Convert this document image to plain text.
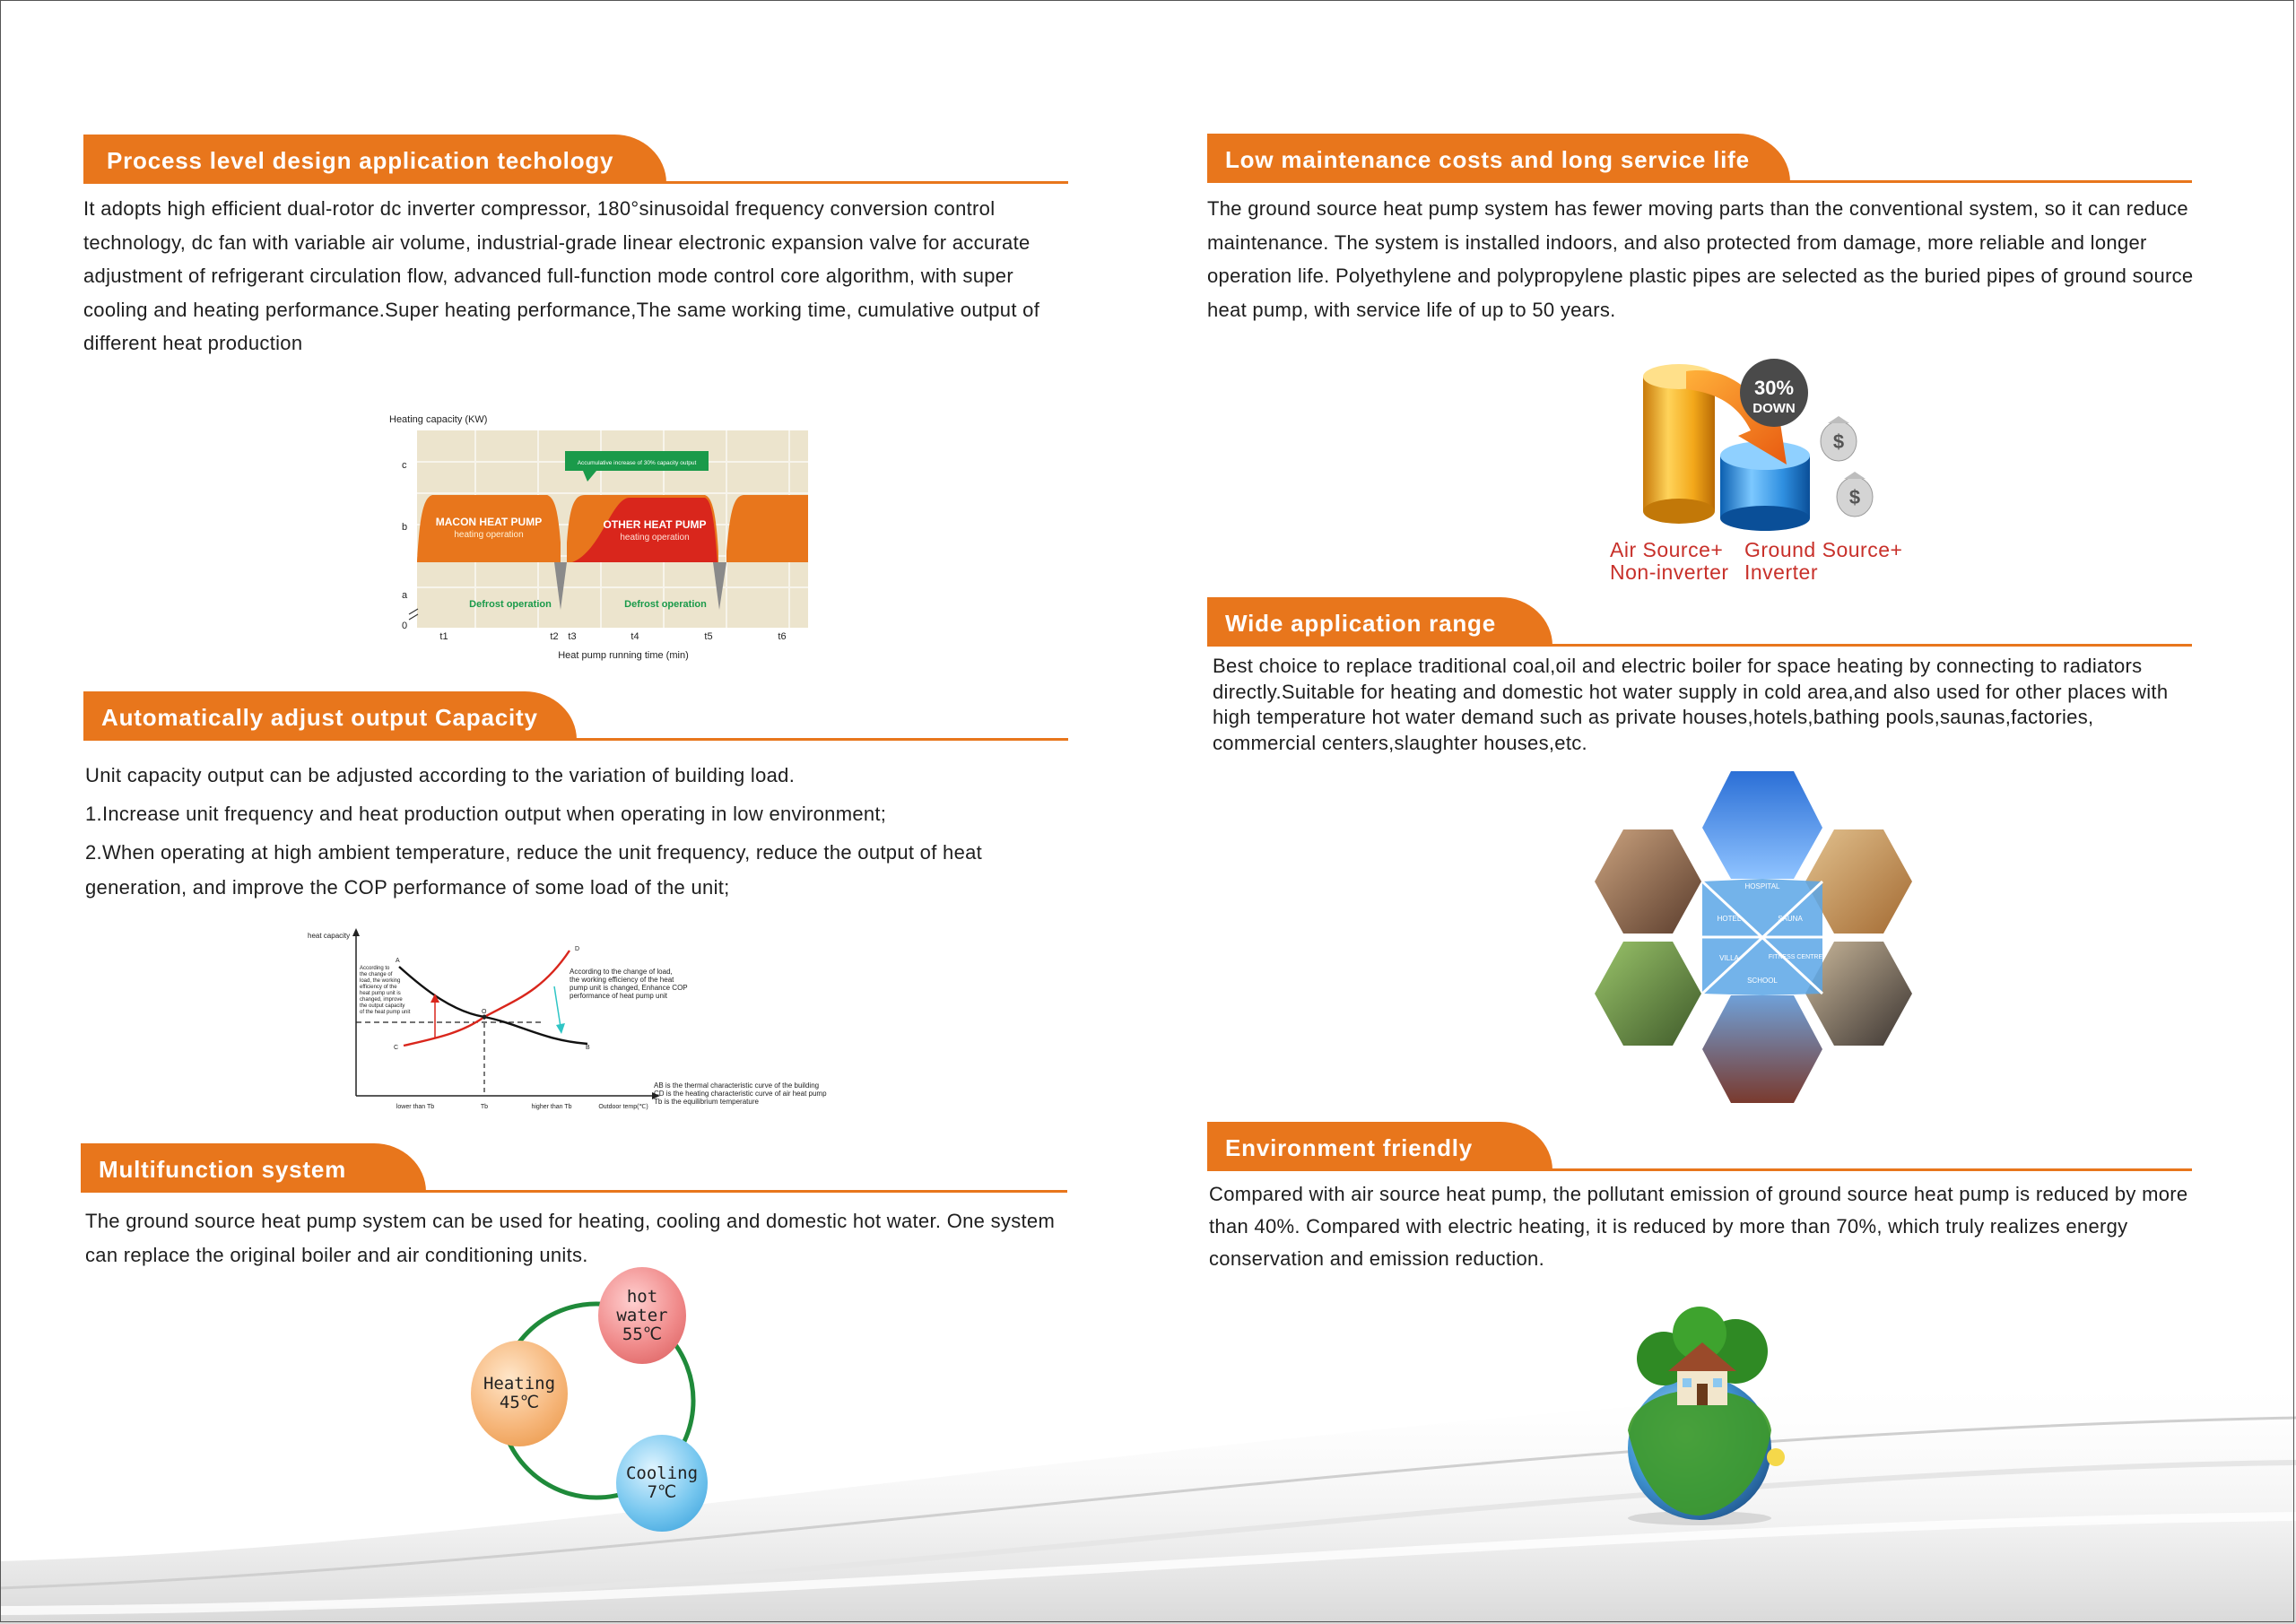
Process level design application techology

It adopts high efficient dual-rotor dc inverter compressor, 180°sinusoidal frequency conversion control technology, dc fan with variable air volume, industrial-grade linear electronic expansion valve for accurate adjustment of refrigerant circulation flow, advanced full-function mode control core algorithm, with super cooling and heating performance.Super heating performance,The same working time, cumulative output of different heat production

Heating capacity (KW)
c
b
a
0
Accumulative increase of 30% capacity output
MACON HEAT PUMP
heating operation
OTHER HEAT PUMP
heating operation
Defrost operation	Defrost operation
t1	t2 t3	t4	t5	t6
Heat pump running time (min)
Automatically adjust output Capacity

Unit capacity output can be adjusted according to the variation of building load.

1.Increase unit frequency and heat production output when operating in low environment;

2.When operating at high ambient temperature, reduce the unit frequency, reduce the output of heat generation, and improve the COP performance of some load of the unit;

heat capacity
A
B
C
D
O
According to
the change of
load, the working
efficiency of the
heat pump unit is
changed, improve
the output capacity
of the heat pump unit
According to the change of load,
the working efficiency of the heat
pump unit is changed, Enhance COP
performance of heat pump unit
lower than Tb	Tb	higher than Tb	Outdoor temp(℃)
AB is the thermal characteristic curve of the building
CD is the heating characteristic curve of air heat pump
Tb is the equilibrium temperature
Multifunction system

The ground source heat pump system can be used for heating, cooling and domestic hot water. One system can replace the original boiler and air conditioning units.

hot water
55℃
Heating
45℃
Cooling
7℃
Low maintenance costs and long service life

The ground source heat pump system has fewer moving parts than the conventional system, so it can reduce maintenance. The system is installed indoors, and also protected from damage, more reliable and longer operation life. Polyethylene and polypropylene plastic pipes are selected as the buried pipes of ground source heat pump, with service life of up to 50 years.

30%
DOWN
$
$
Air Source+
Non-inverter
Ground Source+
Inverter
Wide application range

Best choice to replace traditional coal,oil and electric boiler for space heating by connecting to radiators directly.Suitable for heating and domestic hot water supply in cold area,and also used for other places with high temperature hot water demand such as private houses,hotels,bathing pools,saunas,factories, commercial centers,slaughter houses,etc.

HOSPITAL
SAUNA
HOTEL
FITNESS CENTRE
VILLA
SCHOOL
Environment friendly

Compared with air source heat pump, the pollutant emission of ground source heat pump is reduced by more than 40%. Compared with electric heating, it is reduced by more than 70%, which truly realizes energy conservation and emission reduction.
